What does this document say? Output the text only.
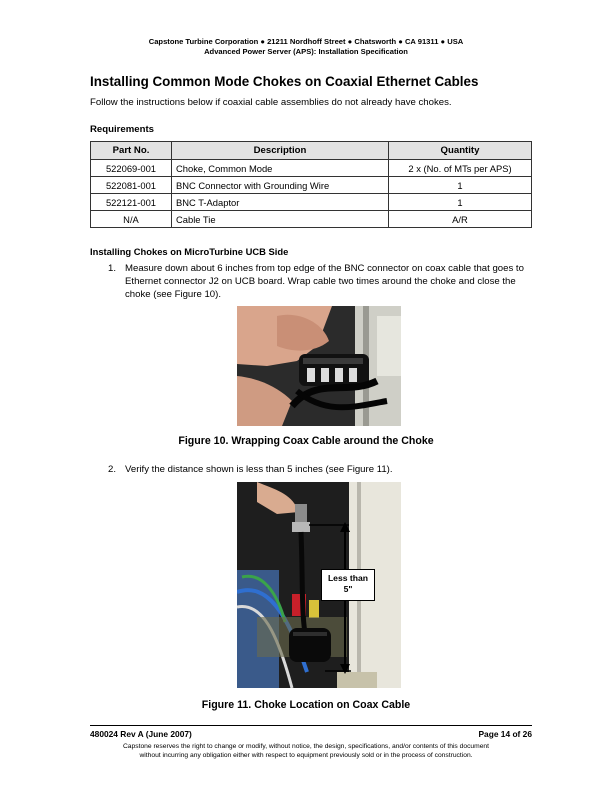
Capstone Turbine Corporation ● 21211 Nordhoff Street ● Chatsworth ● CA 91311 ● USA
Advanced Power Server (APS): Installation Specification
Installing Common Mode Chokes on Coaxial Ethernet Cables
Follow the instructions below if coaxial cable assemblies do not already have chokes.
Requirements
Part No.	Description	Quantity
522069-001	Choke, Common Mode	2 x (No. of MTs per APS)
522081-001	BNC Connector with Grounding Wire	1
522121-001	BNC T-Adaptor	1
N/A	Cable Tie	A/R
Installing Chokes on MicroTurbine UCB Side
1. Measure down about 6 inches from top edge of the BNC connector on coax cable that goes to Ethernet connector J2 on UCB board. Wrap cable two times around the choke and close the choke (see Figure 10).
Figure 10. Wrapping Coax Cable around the Choke
2. Verify the distance shown is less than 5 inches (see Figure 11).
Less than
5"
Figure 11. Choke Location on Coax Cable
480024 Rev A (June 2007)	Page 14 of 26
Capstone reserves the right to change or modify, without notice, the design, specifications, and/or contents of this document
without incurring any obligation either with respect to equipment previously sold or in the process of construction.
